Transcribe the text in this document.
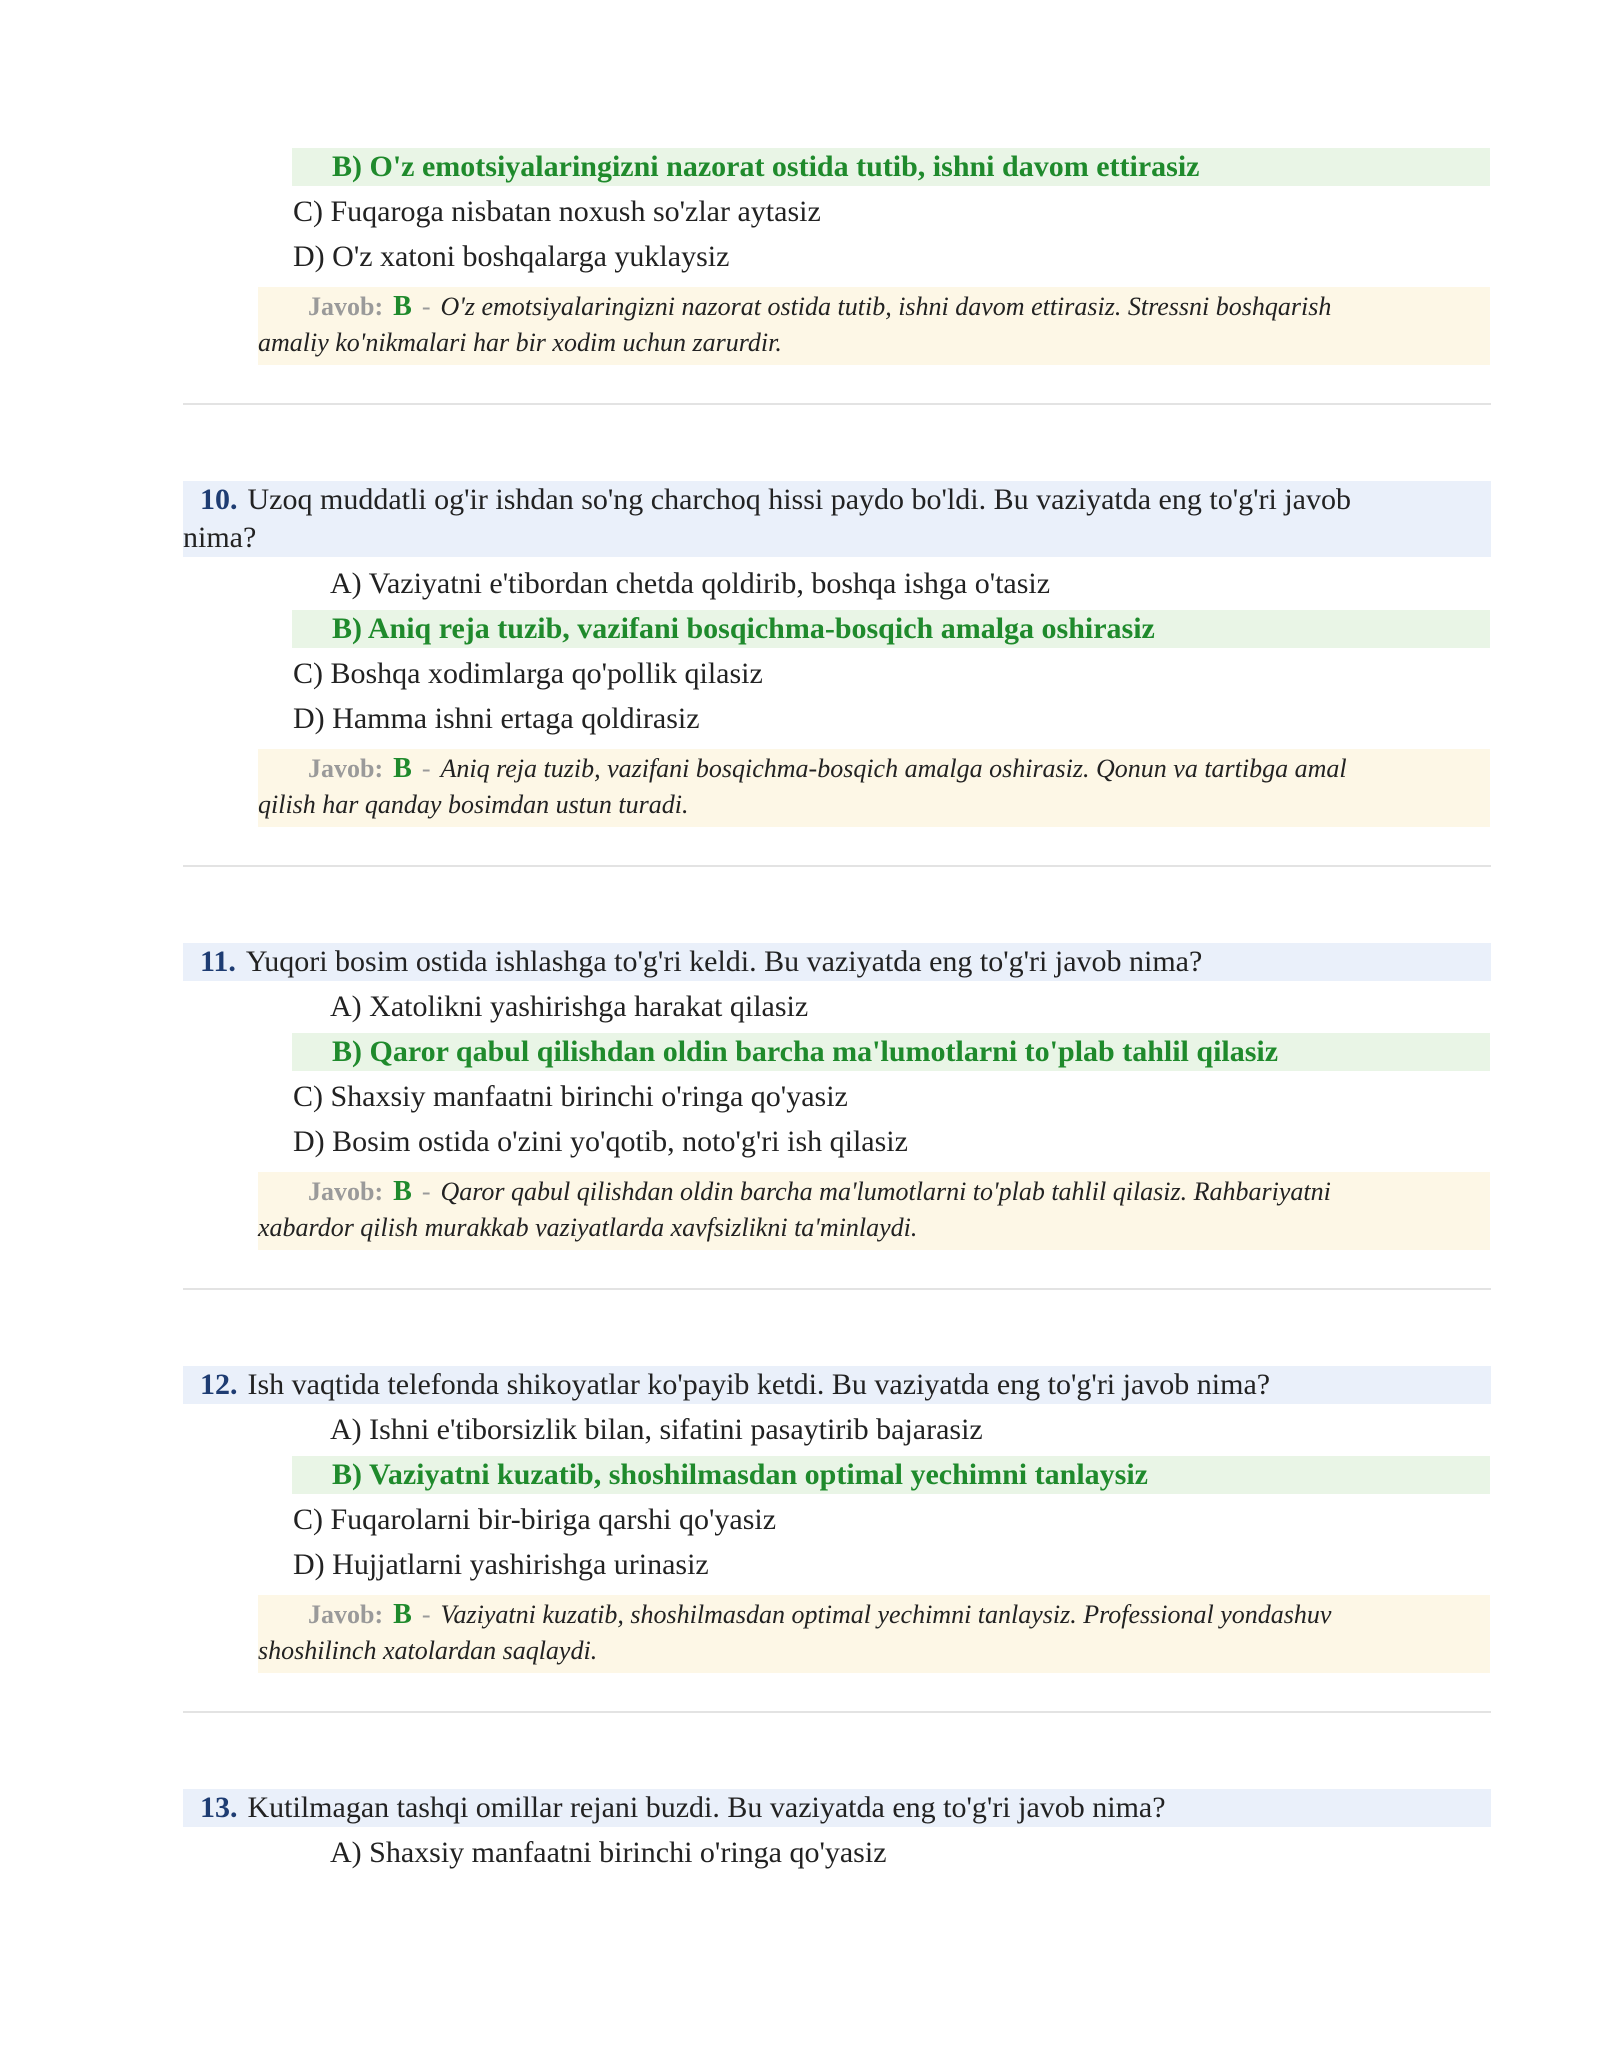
B) O'z emotsiyalaringizni nazorat ostida tutib, ishni davom ettirasiz
C) Fuqaroga nisbatan noxush so'zlar aytasiz
D) O'z xatoni boshqalarga yuklaysiz
Javob: B - O'z emotsiyalaringizni nazorat ostida tutib, ishni davom ettirasiz. Stressni boshqarish
amaliy ko'nikmalari har bir xodim uchun zarurdir.
10. Uzoq muddatli og'ir ishdan so'ng charchoq hissi paydo bo'ldi. Bu vaziyatda eng to'g'ri javob
nima?
A) Vaziyatni e'tibordan chetda qoldirib, boshqa ishga o'tasiz
B) Aniq reja tuzib, vazifani bosqichma-bosqich amalga oshirasiz
C) Boshqa xodimlarga qo'pollik qilasiz
D) Hamma ishni ertaga qoldirasiz
Javob: B - Aniq reja tuzib, vazifani bosqichma-bosqich amalga oshirasiz. Qonun va tartibga amal
qilish har qanday bosimdan ustun turadi.
11. Yuqori bosim ostida ishlashga to'g'ri keldi. Bu vaziyatda eng to'g'ri javob nima?
A) Xatolikni yashirishga harakat qilasiz
B) Qaror qabul qilishdan oldin barcha ma'lumotlarni to'plab tahlil qilasiz
C) Shaxsiy manfaatni birinchi o'ringa qo'yasiz
D) Bosim ostida o'zini yo'qotib, noto'g'ri ish qilasiz
Javob: B - Qaror qabul qilishdan oldin barcha ma'lumotlarni to'plab tahlil qilasiz. Rahbariyatni
xabardor qilish murakkab vaziyatlarda xavfsizlikni ta'minlaydi.
12. Ish vaqtida telefonda shikoyatlar ko'payib ketdi. Bu vaziyatda eng to'g'ri javob nima?
A) Ishni e'tiborsizlik bilan, sifatini pasaytirib bajarasiz
B) Vaziyatni kuzatib, shoshilmasdan optimal yechimni tanlaysiz
C) Fuqarolarni bir-biriga qarshi qo'yasiz
D) Hujjatlarni yashirishga urinasiz
Javob: B - Vaziyatni kuzatib, shoshilmasdan optimal yechimni tanlaysiz. Professional yondashuv
shoshilinch xatolardan saqlaydi.
13. Kutilmagan tashqi omillar rejani buzdi. Bu vaziyatda eng to'g'ri javob nima?
A) Shaxsiy manfaatni birinchi o'ringa qo'yasiz
